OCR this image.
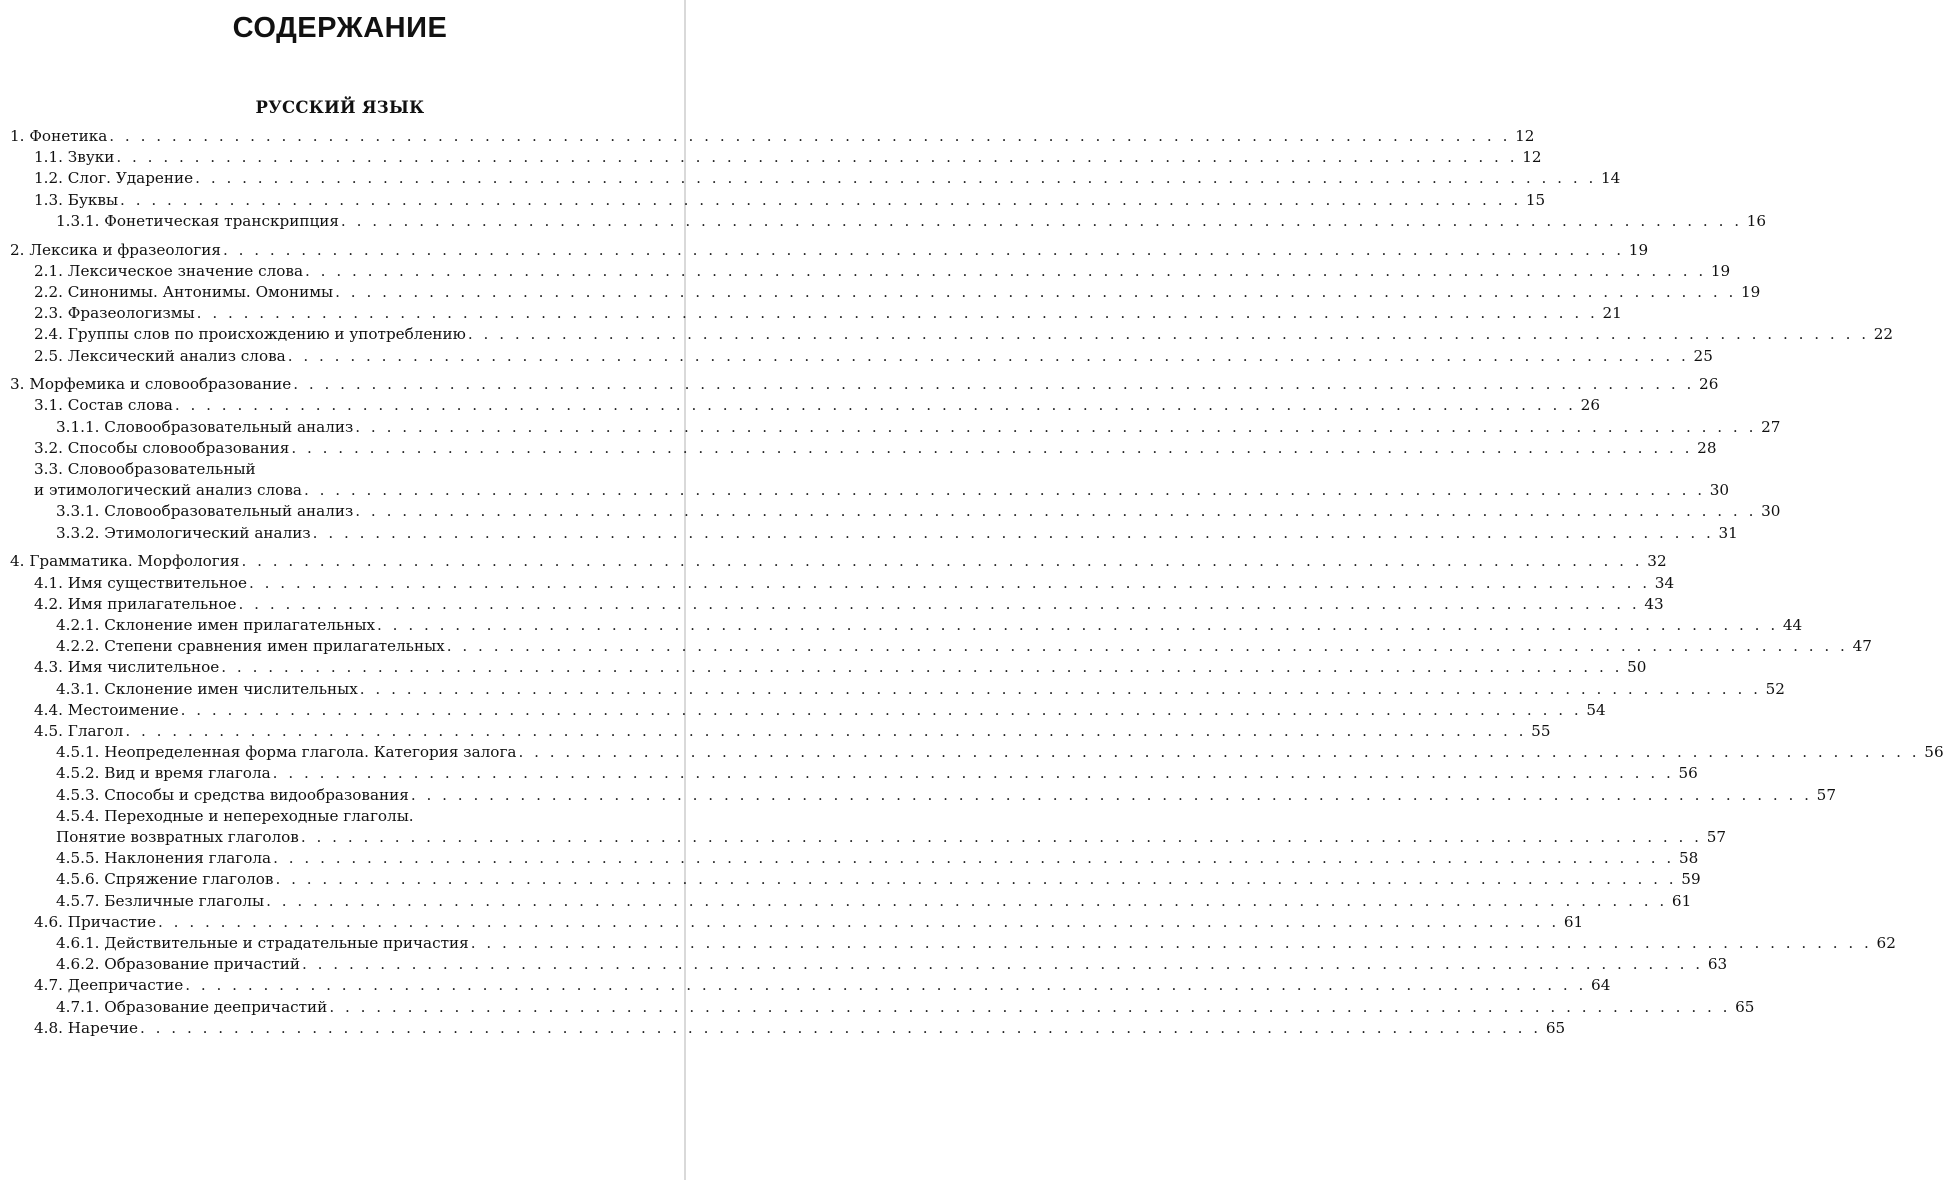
СОДЕРЖАНИЕ
РУССКИЙ ЯЗЫК
1. Фонетика . . . . . . . . . . . . . . . . . . . . . . . . . . . . . . . . . . . . . . . . . . . . . . . . . . . . . . . . . . . . . . . . . . . . . . . . . . . . . . . . . . . . . . . . . . 12
1.1. Звуки . . . . . . . . . . . . . . . . . . . . . . . . . . . . . . . . . . . . . . . . . . . . . . . . . . . . . . . . . . . . . . . . . . . . . . . . . . . . . . . . . . . . . . . . . . 12
1.2. Слог. Ударение . . . . . . . . . . . . . . . . . . . . . . . . . . . . . . . . . . . . . . . . . . . . . . . . . . . . . . . . . . . . . . . . . . . . . . . . . . . . . . . . . . . . . . . . . . 14
1.3. Буквы . . . . . . . . . . . . . . . . . . . . . . . . . . . . . . . . . . . . . . . . . . . . . . . . . . . . . . . . . . . . . . . . . . . . . . . . . . . . . . . . . . . . . . . . . . 15
1.3.1. Фонетическая транскрипция . . . . . . . . . . . . . . . . . . . . . . . . . . . . . . . . . . . . . . . . . . . . . . . . . . . . . . . . . . . . . . . . . . . . . . . . . . . . . . . . . . . . . . . . . . 16
2. Лексика и фразеология . . . . . . . . . . . . . . . . . . . . . . . . . . . . . . . . . . . . . . . . . . . . . . . . . . . . . . . . . . . . . . . . . . . . . . . . . . . . . . . . . . . . . . . . . . 19
2.1. Лексическое значение слова . . . . . . . . . . . . . . . . . . . . . . . . . . . . . . . . . . . . . . . . . . . . . . . . . . . . . . . . . . . . . . . . . . . . . . . . . . . . . . . . . . . . . . . . . . 19
2.2. Синонимы. Антонимы. Омонимы . . . . . . . . . . . . . . . . . . . . . . . . . . . . . . . . . . . . . . . . . . . . . . . . . . . . . . . . . . . . . . . . . . . . . . . . . . . . . . . . . . . . . . . . . . 19
2.3. Фразеологизмы . . . . . . . . . . . . . . . . . . . . . . . . . . . . . . . . . . . . . . . . . . . . . . . . . . . . . . . . . . . . . . . . . . . . . . . . . . . . . . . . . . . . . . . . . . 21
2.4. Группы слов по происхождению и употреблению . . . . . . . . . . . . . . . . . . . . . . . . . . . . . . . . . . . . . . . . . . . . . . . . . . . . . . . . . . . . . . . . . . . . . . . . . . . . . . . . . . . . . . . . . . 22
2.5. Лексический анализ слова . . . . . . . . . . . . . . . . . . . . . . . . . . . . . . . . . . . . . . . . . . . . . . . . . . . . . . . . . . . . . . . . . . . . . . . . . . . . . . . . . . . . . . . . . . 25
3. Морфемика и словообразование . . . . . . . . . . . . . . . . . . . . . . . . . . . . . . . . . . . . . . . . . . . . . . . . . . . . . . . . . . . . . . . . . . . . . . . . . . . . . . . . . . . . . . . . . . 26
3.1. Состав слова . . . . . . . . . . . . . . . . . . . . . . . . . . . . . . . . . . . . . . . . . . . . . . . . . . . . . . . . . . . . . . . . . . . . . . . . . . . . . . . . . . . . . . . . . . 26
3.1.1. Словообразовательный анализ . . . . . . . . . . . . . . . . . . . . . . . . . . . . . . . . . . . . . . . . . . . . . . . . . . . . . . . . . . . . . . . . . . . . . . . . . . . . . . . . . . . . . . . . . . 27
3.2. Способы словообразования . . . . . . . . . . . . . . . . . . . . . . . . . . . . . . . . . . . . . . . . . . . . . . . . . . . . . . . . . . . . . . . . . . . . . . . . . . . . . . . . . . . . . . . . . . 28
3.3. Словообразовательный
и этимологический анализ слова . . . . . . . . . . . . . . . . . . . . . . . . . . . . . . . . . . . . . . . . . . . . . . . . . . . . . . . . . . . . . . . . . . . . . . . . . . . . . . . . . . . . . . . . . . 30
3.3.1. Словообразовательный анализ . . . . . . . . . . . . . . . . . . . . . . . . . . . . . . . . . . . . . . . . . . . . . . . . . . . . . . . . . . . . . . . . . . . . . . . . . . . . . . . . . . . . . . . . . . 30
3.3.2. Этимологический анализ . . . . . . . . . . . . . . . . . . . . . . . . . . . . . . . . . . . . . . . . . . . . . . . . . . . . . . . . . . . . . . . . . . . . . . . . . . . . . . . . . . . . . . . . . . 31
4. Грамматика. Морфология . . . . . . . . . . . . . . . . . . . . . . . . . . . . . . . . . . . . . . . . . . . . . . . . . . . . . . . . . . . . . . . . . . . . . . . . . . . . . . . . . . . . . . . . . . 32
4.1. Имя существительное . . . . . . . . . . . . . . . . . . . . . . . . . . . . . . . . . . . . . . . . . . . . . . . . . . . . . . . . . . . . . . . . . . . . . . . . . . . . . . . . . . . . . . . . . . 34
4.2. Имя прилагательное . . . . . . . . . . . . . . . . . . . . . . . . . . . . . . . . . . . . . . . . . . . . . . . . . . . . . . . . . . . . . . . . . . . . . . . . . . . . . . . . . . . . . . . . . . 43
4.2.1. Склонение имен прилагательных . . . . . . . . . . . . . . . . . . . . . . . . . . . . . . . . . . . . . . . . . . . . . . . . . . . . . . . . . . . . . . . . . . . . . . . . . . . . . . . . . . . . . . . . . . 44
4.2.2. Степени сравнения имен прилагательных . . . . . . . . . . . . . . . . . . . . . . . . . . . . . . . . . . . . . . . . . . . . . . . . . . . . . . . . . . . . . . . . . . . . . . . . . . . . . . . . . . . . . . . . . . 47
4.3. Имя числительное . . . . . . . . . . . . . . . . . . . . . . . . . . . . . . . . . . . . . . . . . . . . . . . . . . . . . . . . . . . . . . . . . . . . . . . . . . . . . . . . . . . . . . . . . . 50
4.3.1. Склонение имен числительных . . . . . . . . . . . . . . . . . . . . . . . . . . . . . . . . . . . . . . . . . . . . . . . . . . . . . . . . . . . . . . . . . . . . . . . . . . . . . . . . . . . . . . . . . . 52
4.4. Местоимение . . . . . . . . . . . . . . . . . . . . . . . . . . . . . . . . . . . . . . . . . . . . . . . . . . . . . . . . . . . . . . . . . . . . . . . . . . . . . . . . . . . . . . . . . . 54
4.5. Глагол . . . . . . . . . . . . . . . . . . . . . . . . . . . . . . . . . . . . . . . . . . . . . . . . . . . . . . . . . . . . . . . . . . . . . . . . . . . . . . . . . . . . . . . . . . 55
4.5.1. Неопределенная форма глагола. Категория залога . . . . . . . . . . . . . . . . . . . . . . . . . . . . . . . . . . . . . . . . . . . . . . . . . . . . . . . . . . . . . . . . . . . . . . . . . . . . . . . . . . . . . . . . . . 56
4.5.2. Вид и время глагола . . . . . . . . . . . . . . . . . . . . . . . . . . . . . . . . . . . . . . . . . . . . . . . . . . . . . . . . . . . . . . . . . . . . . . . . . . . . . . . . . . . . . . . . . . 56
4.5.3. Способы и средства видообразования . . . . . . . . . . . . . . . . . . . . . . . . . . . . . . . . . . . . . . . . . . . . . . . . . . . . . . . . . . . . . . . . . . . . . . . . . . . . . . . . . . . . . . . . . . 57
4.5.4. Переходные и непереходные глаголы.
Понятие возвратных глаголов . . . . . . . . . . . . . . . . . . . . . . . . . . . . . . . . . . . . . . . . . . . . . . . . . . . . . . . . . . . . . . . . . . . . . . . . . . . . . . . . . . . . . . . . . . 57
4.5.5. Наклонения глагола . . . . . . . . . . . . . . . . . . . . . . . . . . . . . . . . . . . . . . . . . . . . . . . . . . . . . . . . . . . . . . . . . . . . . . . . . . . . . . . . . . . . . . . . . . 58
4.5.6. Спряжение глаголов . . . . . . . . . . . . . . . . . . . . . . . . . . . . . . . . . . . . . . . . . . . . . . . . . . . . . . . . . . . . . . . . . . . . . . . . . . . . . . . . . . . . . . . . . . 59
4.5.7. Безличные глаголы . . . . . . . . . . . . . . . . . . . . . . . . . . . . . . . . . . . . . . . . . . . . . . . . . . . . . . . . . . . . . . . . . . . . . . . . . . . . . . . . . . . . . . . . . . 61
4.6. Причастие . . . . . . . . . . . . . . . . . . . . . . . . . . . . . . . . . . . . . . . . . . . . . . . . . . . . . . . . . . . . . . . . . . . . . . . . . . . . . . . . . . . . . . . . . . 61
4.6.1. Действительные и страдательные причастия . . . . . . . . . . . . . . . . . . . . . . . . . . . . . . . . . . . . . . . . . . . . . . . . . . . . . . . . . . . . . . . . . . . . . . . . . . . . . . . . . . . . . . . . . . 62
4.6.2. Образование причастий . . . . . . . . . . . . . . . . . . . . . . . . . . . . . . . . . . . . . . . . . . . . . . . . . . . . . . . . . . . . . . . . . . . . . . . . . . . . . . . . . . . . . . . . . . 63
4.7. Деепричастие . . . . . . . . . . . . . . . . . . . . . . . . . . . . . . . . . . . . . . . . . . . . . . . . . . . . . . . . . . . . . . . . . . . . . . . . . . . . . . . . . . . . . . . . . . 64
4.7.1. Образование деепричастий . . . . . . . . . . . . . . . . . . . . . . . . . . . . . . . . . . . . . . . . . . . . . . . . . . . . . . . . . . . . . . . . . . . . . . . . . . . . . . . . . . . . . . . . . . 65
4.8. Наречие . . . . . . . . . . . . . . . . . . . . . . . . . . . . . . . . . . . . . . . . . . . . . . . . . . . . . . . . . . . . . . . . . . . . . . . . . . . . . . . . . . . . . . . . . . 65
